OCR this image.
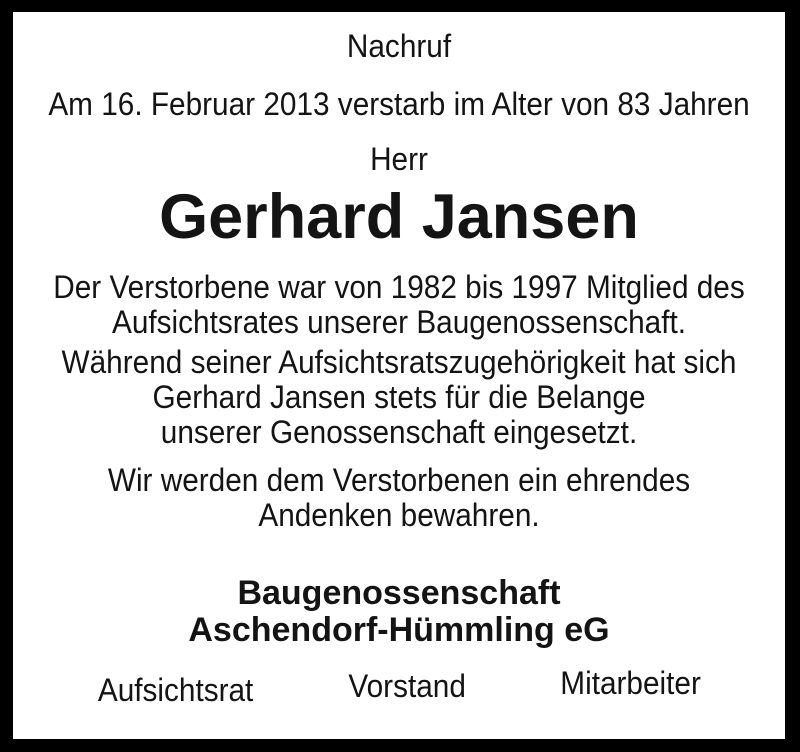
Nachruf
Am 16. Februar 2013 verstarb im Alter von 83 Jahren
Herr
Gerhard Jansen
Der Verstorbene war von 1982 bis 1997 Mitglied des
Aufsichtsrates unserer Baugenossenschaft.
Während seiner Aufsichtsratszugehörigkeit hat sich
Gerhard Jansen stets für die Belange
unserer Genossenschaft eingesetzt.
Wir werden dem Verstorbenen ein ehrendes
Andenken bewahren.
Baugenossenschaft
Aschendorf-Hümmling eG
Aufsichtsrat	Vorstand	Mitarbeiter
